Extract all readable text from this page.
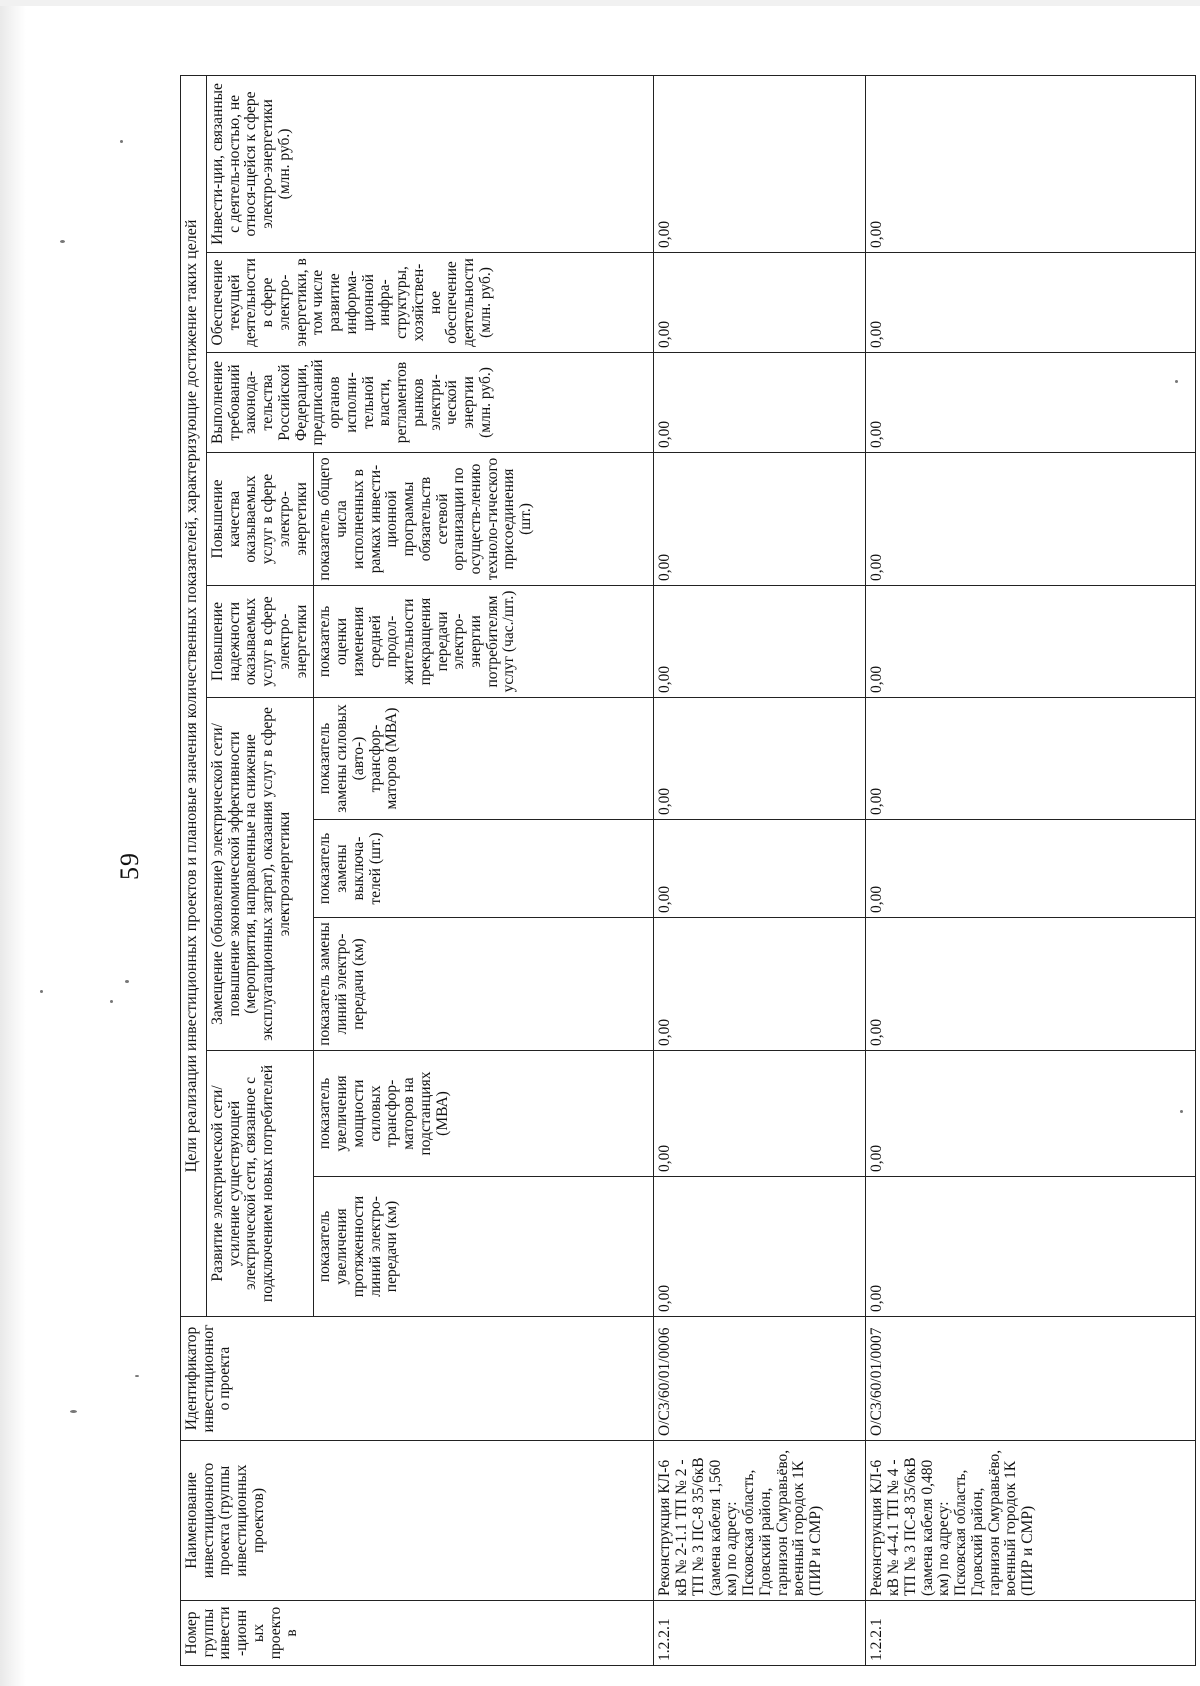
59
Номер группы инвести-ционных проектов	Наименование инвестиционного проекта (группы инвестиционных проектов)	Идентификатор инвестиционного проекта	Цели реализации инвестиционных проектов и плановые значения количественных показателей, характеризующие достижение таких целей									
			Развитие электрической сети/усиление существующей электрической сети, связанное с подключением новых потребителей		Замещение (обновление) электрической сети/повышение экономической эффективности (мероприятия, направленные на снижение эксплуатационных затрат), оказания услуг в сфере электроэнергетики			Повышение надежности оказываемых услуг в сфере электро-энергетики	Повышение качества оказываемых услуг в сфере электро-энергетики	Выполнение требований законода-тельства Российской Федерации, предписаний органов исполни-тельной власти, регламентов рынков электри-ческой энергии (млн. руб.)	Обеспечение текущей деятельности в сфере электро-энергетики, в том числе развитие информа-ционной инфра-структуры, хозяйствен-ное обеспечение деятельности (млн. руб.)	Инвести-ции, связанные с деятель-ностью, не относя-щейся к сфере электро-энергетики (млн. руб.)
			показатель увеличения протяженности линий электро-передачи (км)	показатель увеличения мощности силовых трансфор-маторов на подстанциях (МВА)	показатель замены линий электро-передачи (км)	показатель замены выключа-телей (шт.)	показатель замены силовых (авто-) трансфор-маторов (МВА)	показатель оценки изменения средней продол-жительности прекращения передачи электро-энергии потребителям услуг (час./шт.)	показатель общего числа исполненных в рамках инвести-ционной программы обязательств сетевой организации по осуществ-лению техноло-гического присоединения (шт.)			
1.2.2.1	Реконструкция КЛ-6 кВ № 2-1.1 ТП № 2 - ТП № 3 ПС-8 35/6кВ (замена кабеля 1,560 км) по адресу: Псковская область, Гдовский район, гарнизон Смуравьёво, военный городок 1К (ПИР и СМР)	О/С3/60/01/0006	0,00	0,00	0,00	0,00	0,00	0,00	0,00	0,00	0,00	0,00
1.2.2.1	Реконструкция КЛ-6 кВ № 4-4.1 ТП № 4 - ТП № 3 ПС-8 35/6кВ (замена кабеля 0,480 км) по адресу: Псковская область, Гдовский район, гарнизон Смуравьёво, военный городок 1К (ПИР и СМР)	О/С3/60/01/0007	0,00	0,00	0,00	0,00	0,00	0,00	0,00	0,00	0,00	0,00
